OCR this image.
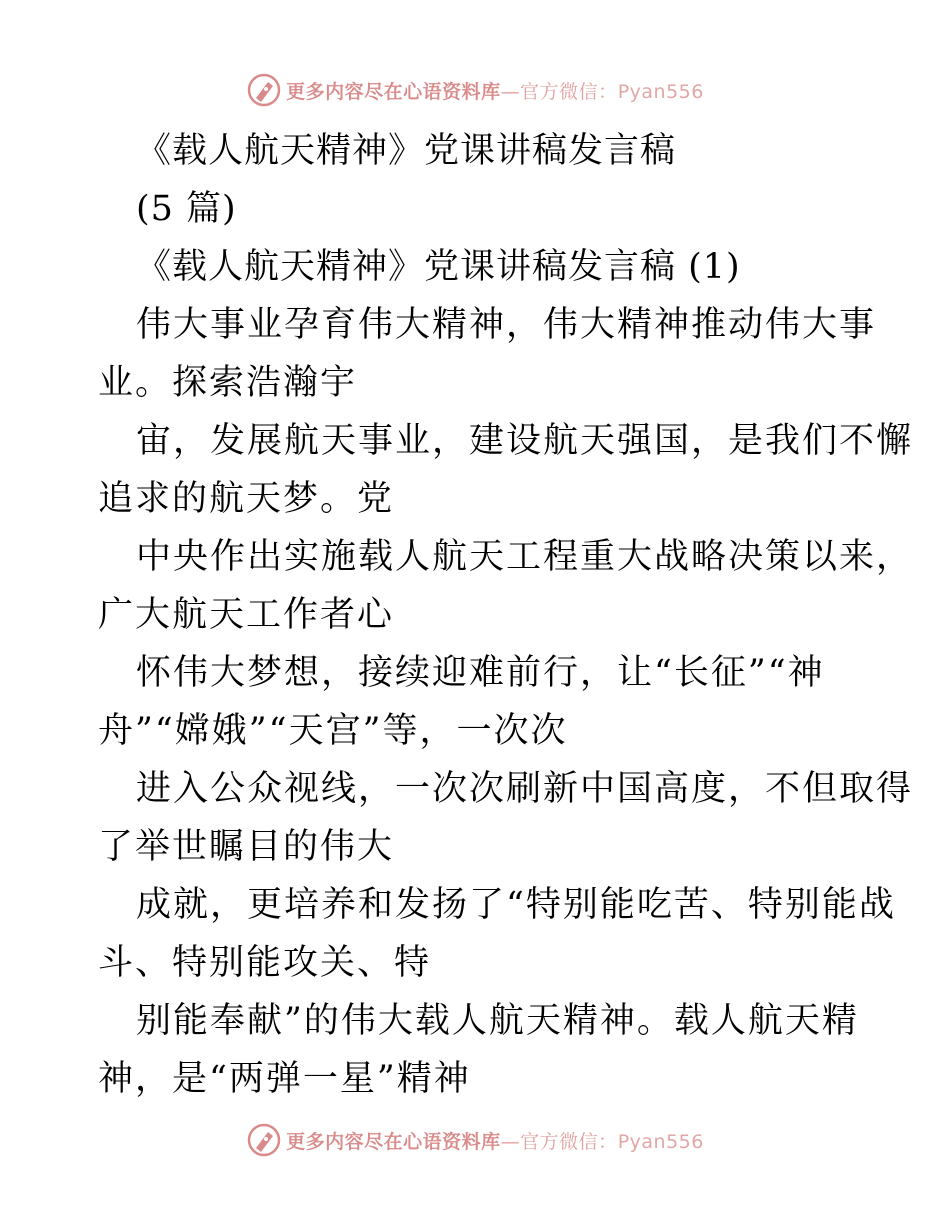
更多内容尽在心语资料库—官方微信：Pyan556
《载人航天精神》党课讲稿发言稿
(5 篇)
《载人航天精神》党课讲稿发言稿 (1)
伟大事业孕育伟大精神，伟大精神推动伟大事
业。探索浩瀚宇
宙，发展航天事业，建设航天强国，是我们不懈
追求的航天梦。党
中央作出实施载人航天工程重大战略决策以来，
广大航天工作者心
怀伟大梦想，接续迎难前行，让“长征”“神
舟”“嫦娥”“天宫”等，一次次
进入公众视线，一次次刷新中国高度，不但取得
了举世瞩目的伟大
成就，更培养和发扬了“特别能吃苦、特别能战
斗、特别能攻关、特
别能奉献”的伟大载人航天精神。载人航天精
神，是“两弹一星”精神
更多内容尽在心语资料库—官方微信：Pyan556
